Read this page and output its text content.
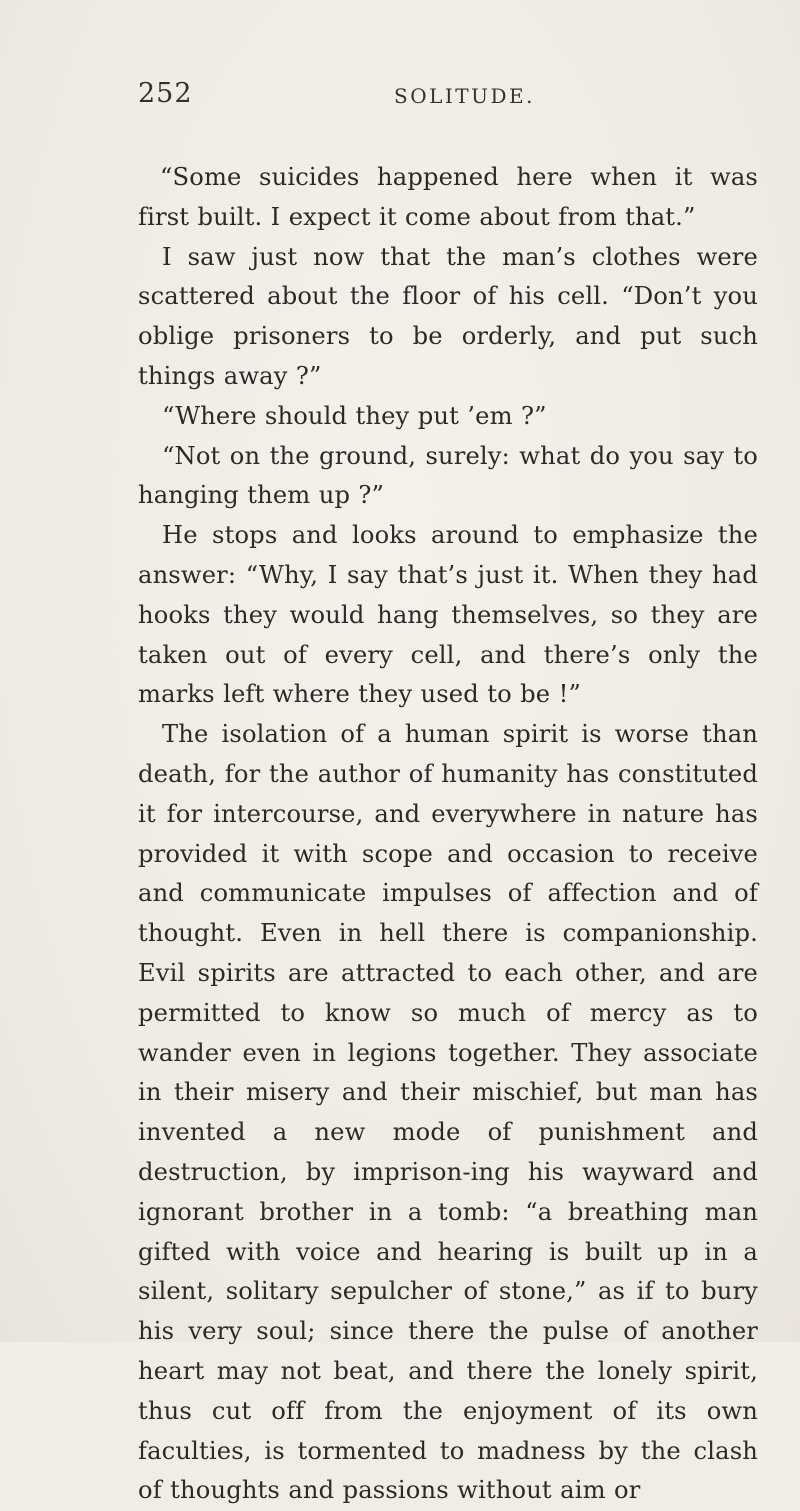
252	SOLITUDE.

“Some suicides happened here when it was first built. I expect it come about from that.”

I saw just now that the man’s clothes were scattered about the floor of his cell. “Don’t you oblige prisoners to be orderly, and put such things away ?”

“Where should they put ’em ?”

“Not on the ground, surely: what do you say to hanging them up ?”

He stops and looks around to emphasize the answer: “Why, I say that’s just it. When they had hooks they would hang themselves, so they are taken out of every cell, and there’s only the marks left where they used to be !”

The isolation of a human spirit is worse than death, for the author of humanity has constituted it for intercourse, and everywhere in nature has provided it with scope and occasion to receive and communicate impulses of affection and of thought. Even in hell there is companionship. Evil spirits are attracted to each other, and are permitted to know so much of mercy as to wander even in legions together. They associate in their misery and their mischief, but man has invented a new mode of punishment and destruction, by imprison-ing his wayward and ignorant brother in a tomb: “a breathing man gifted with voice and hearing is built up in a silent, solitary sepulcher of stone,” as if to bury his very soul; since there the pulse of another heart may not beat, and there the lonely spirit, thus cut off from the enjoyment of its own faculties, is tormented to madness by the clash of thoughts and passions without aim or
